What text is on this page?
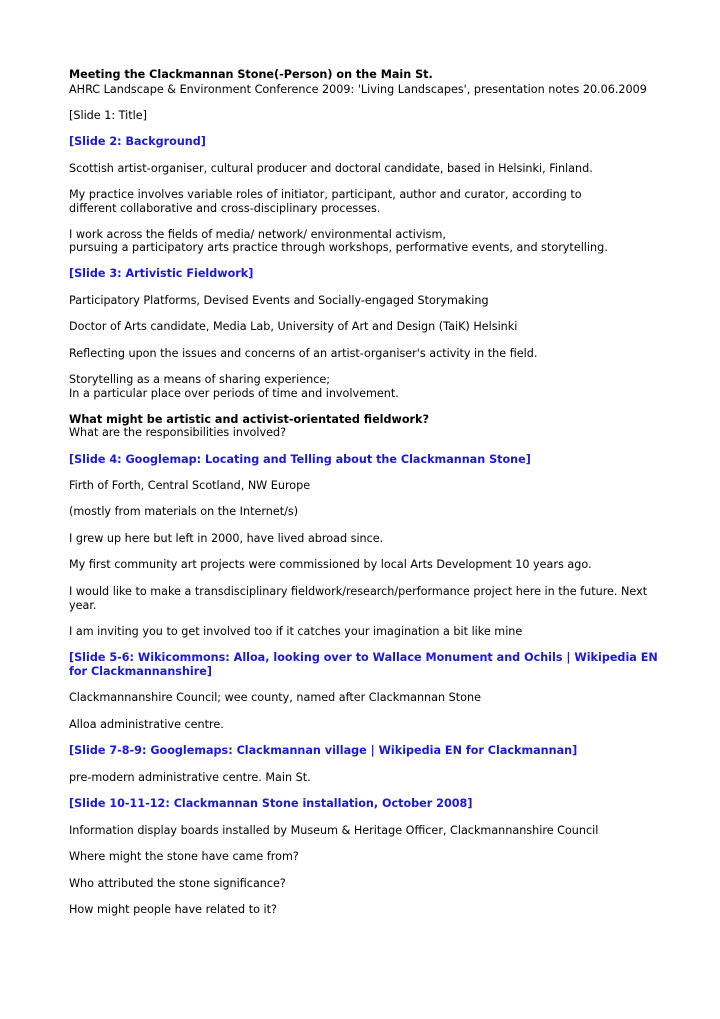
Meeting the Clackmannan Stone(-Person) on the Main St.

AHRC Landscape & Environment Conference 2009: 'Living Landscapes', presentation notes 20.06.2009

[Slide 1: Title]

[Slide 2: Background]

Scottish artist-organiser, cultural producer and doctoral candidate, based in Helsinki, Finland.

My practice involves variable roles of initiator, participant, author and curator, according to

different collaborative and cross-disciplinary processes.

I work across the fields of media/ network/ environmental activism,

pursuing a participatory arts practice through workshops, performative events, and storytelling.

[Slide 3: Artivistic Fieldwork]

Participatory Platforms, Devised Events and Socially-engaged Storymaking

Doctor of Arts candidate, Media Lab, University of Art and Design (TaiK) Helsinki

Reflecting upon the issues and concerns of an artist-organiser's activity in the field.

Storytelling as a means of sharing experience;

In a particular place over periods of time and involvement.

What might be artistic and activist-orientated fieldwork?

What are the responsibilities involved?

[Slide 4: Googlemap: Locating and Telling about the Clackmannan Stone]

Firth of Forth, Central Scotland, NW Europe

(mostly from materials on the Internet/s)

I grew up here but left in 2000, have lived abroad since.

My first community art projects were commissioned by local Arts Development 10 years ago.

I would like to make a transdisciplinary fieldwork/research/performance project here in the future. Next

year.

I am inviting you to get involved too if it catches your imagination a bit like mine

[Slide 5-6: Wikicommons: Alloa, looking over to Wallace Monument and Ochils | Wikipedia EN

for Clackmannanshire]

Clackmannanshire Council; wee county, named after Clackmannan Stone

Alloa administrative centre.

[Slide 7-8-9: Googlemaps: Clackmannan village | Wikipedia EN for Clackmannan]

pre-modern administrative centre. Main St.

[Slide 10-11-12: Clackmannan Stone installation, October 2008]

Information display boards installed by Museum & Heritage Officer, Clackmannanshire Council

Where might the stone have came from?

Who attributed the stone significance?

How might people have related to it?
